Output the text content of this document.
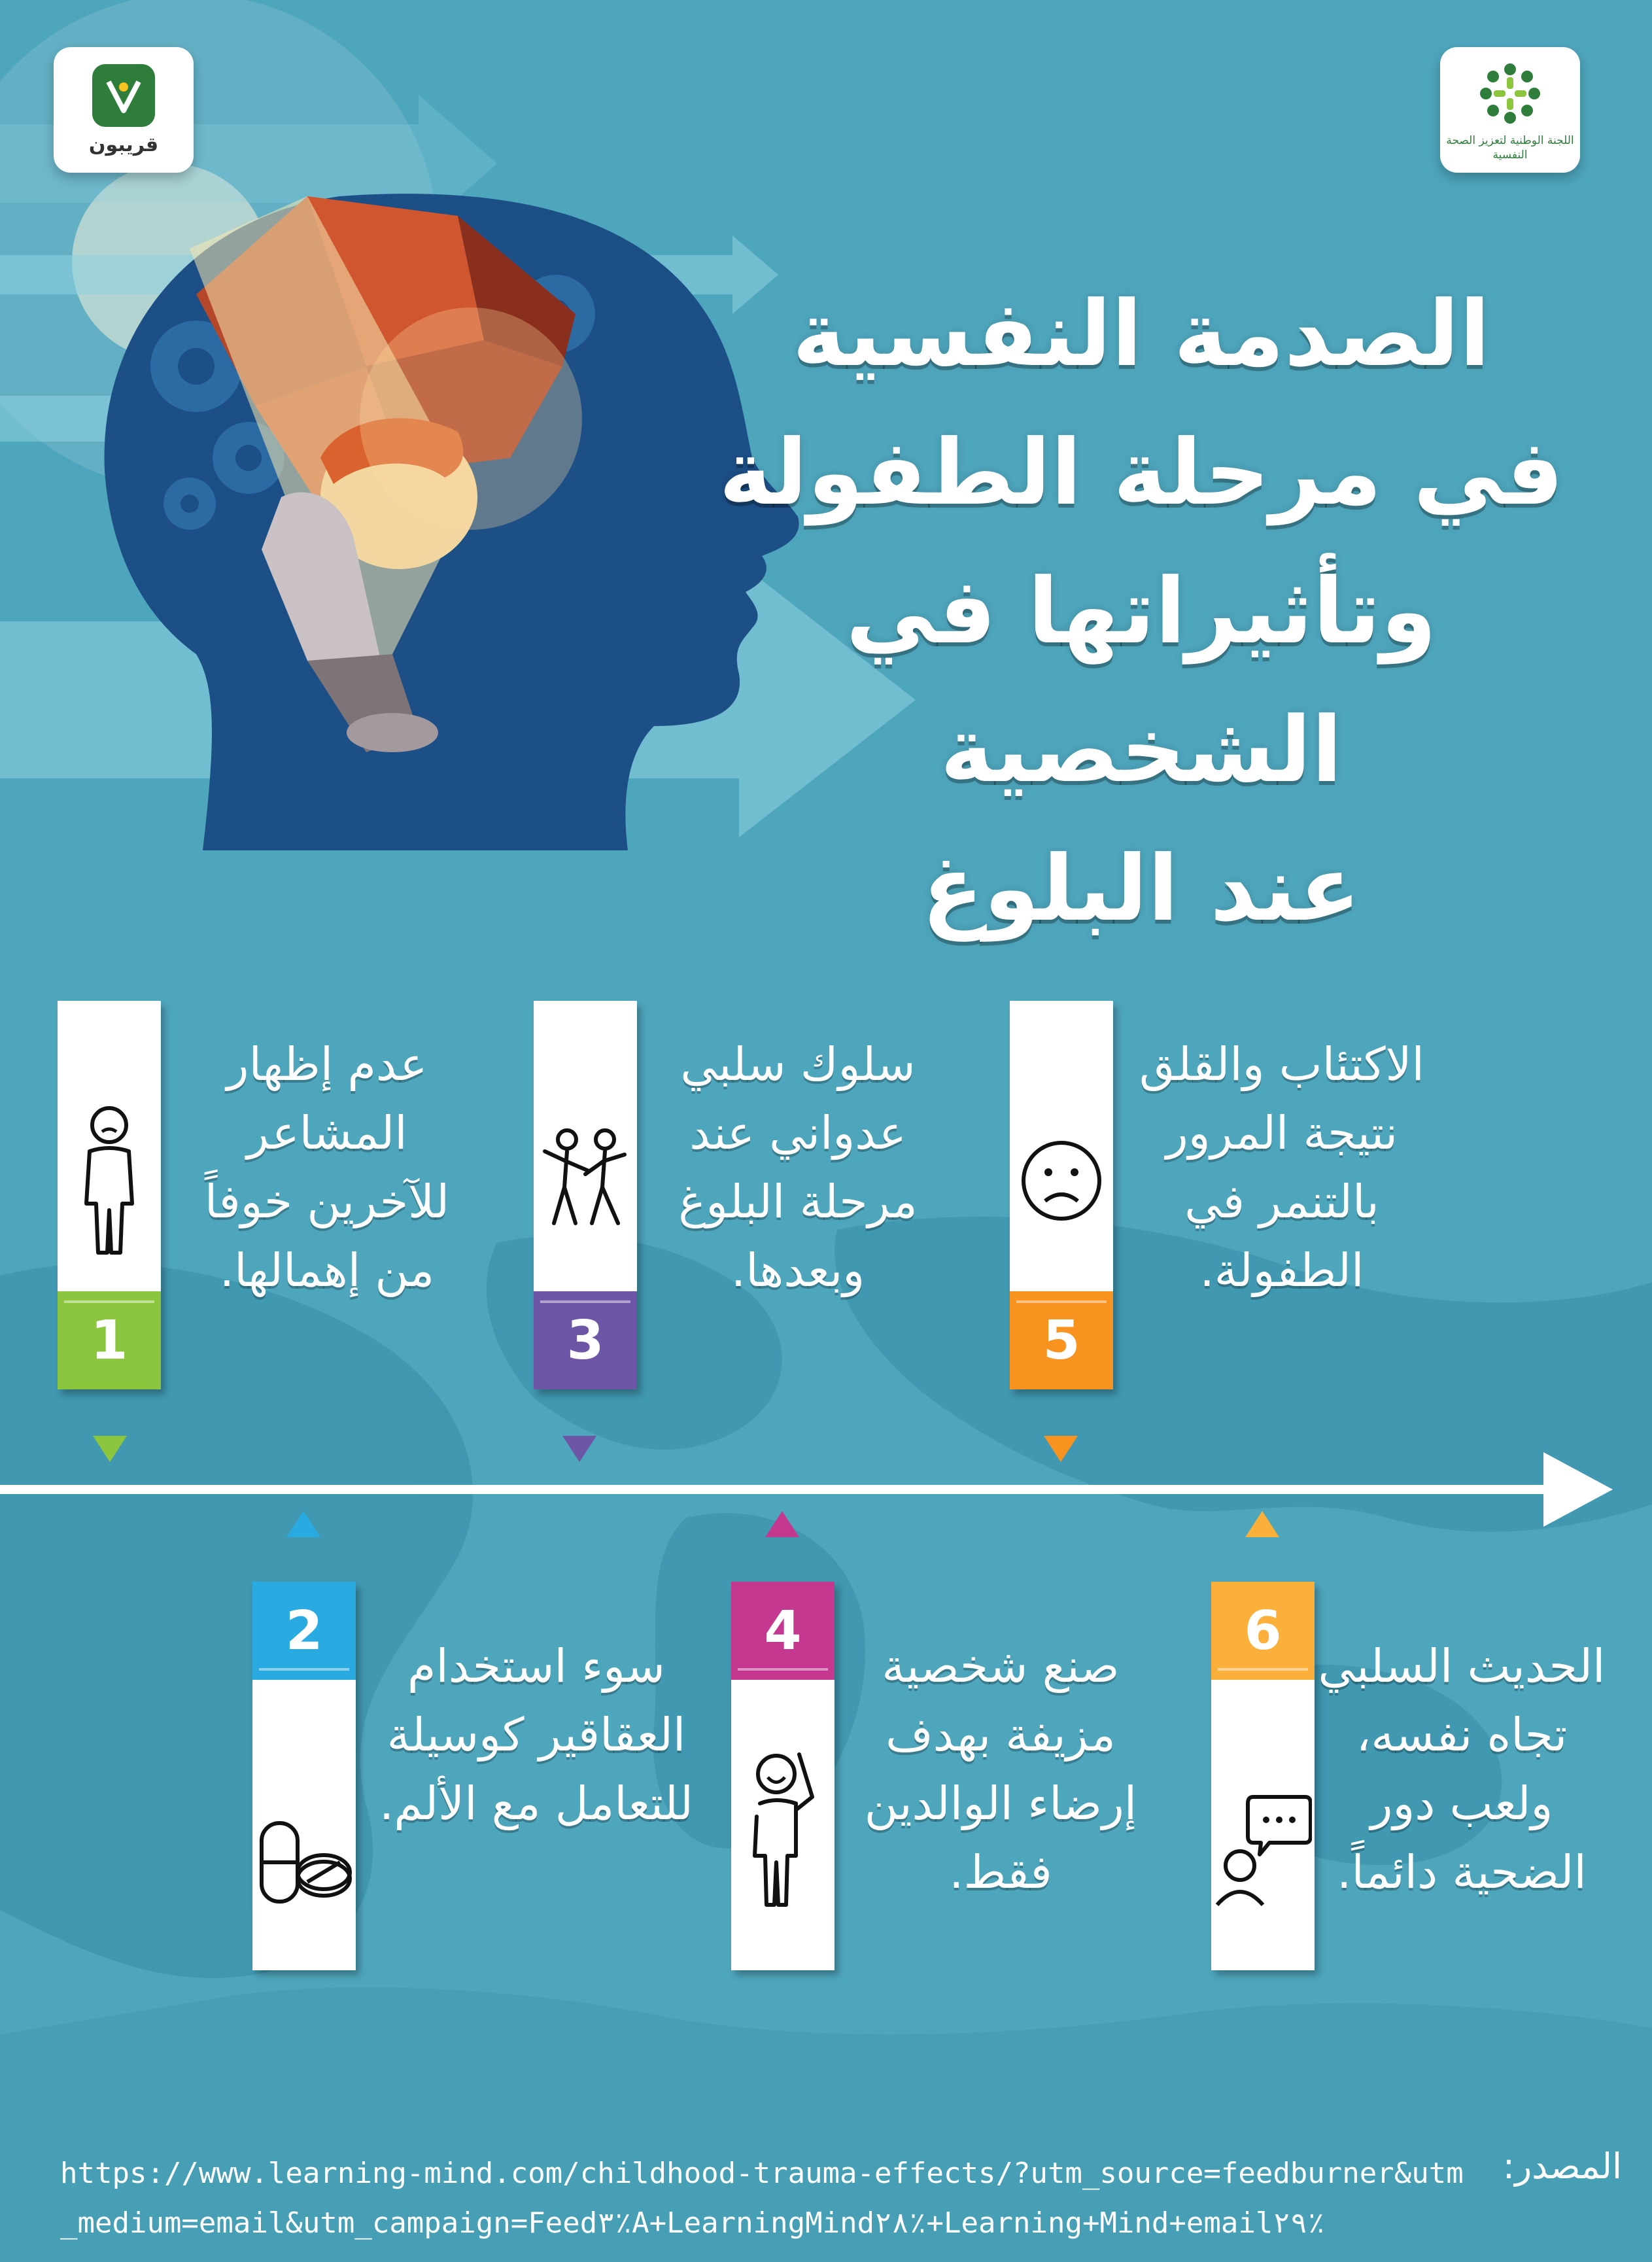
قريبون	اللجنة الوطنية لتعزيز الصحة النفسية
الصدمة النفسية
في مرحلة الطفولة
وتأثيراتها في الشخصية
عند البلوغ
1
عدم إظهار المشاعر للآخرين خوفاً من إهمالها.
3
سلوك سلبي عدواني عند مرحلة البلوغ وبعدها.
5
الاكتئاب والقلق نتيجة المرور بالتنمر في الطفولة.
2
سوء استخدام العقاقير كوسيلة للتعامل مع الألم.
4
صنع شخصية مزيفة بهدف إرضاء الوالدين فقط.
6
الحديث السلبي تجاه نفسه، ولعب دور الضحية دائماً.
المصدر:
https://www.learning-mind.com/childhood-trauma-effects/?utm_source=feedburner&utm_medium=email&utm_campaign=Feed٣٪A+LearningMind٢٨٪+Learning+Mind+email٢٩٪
